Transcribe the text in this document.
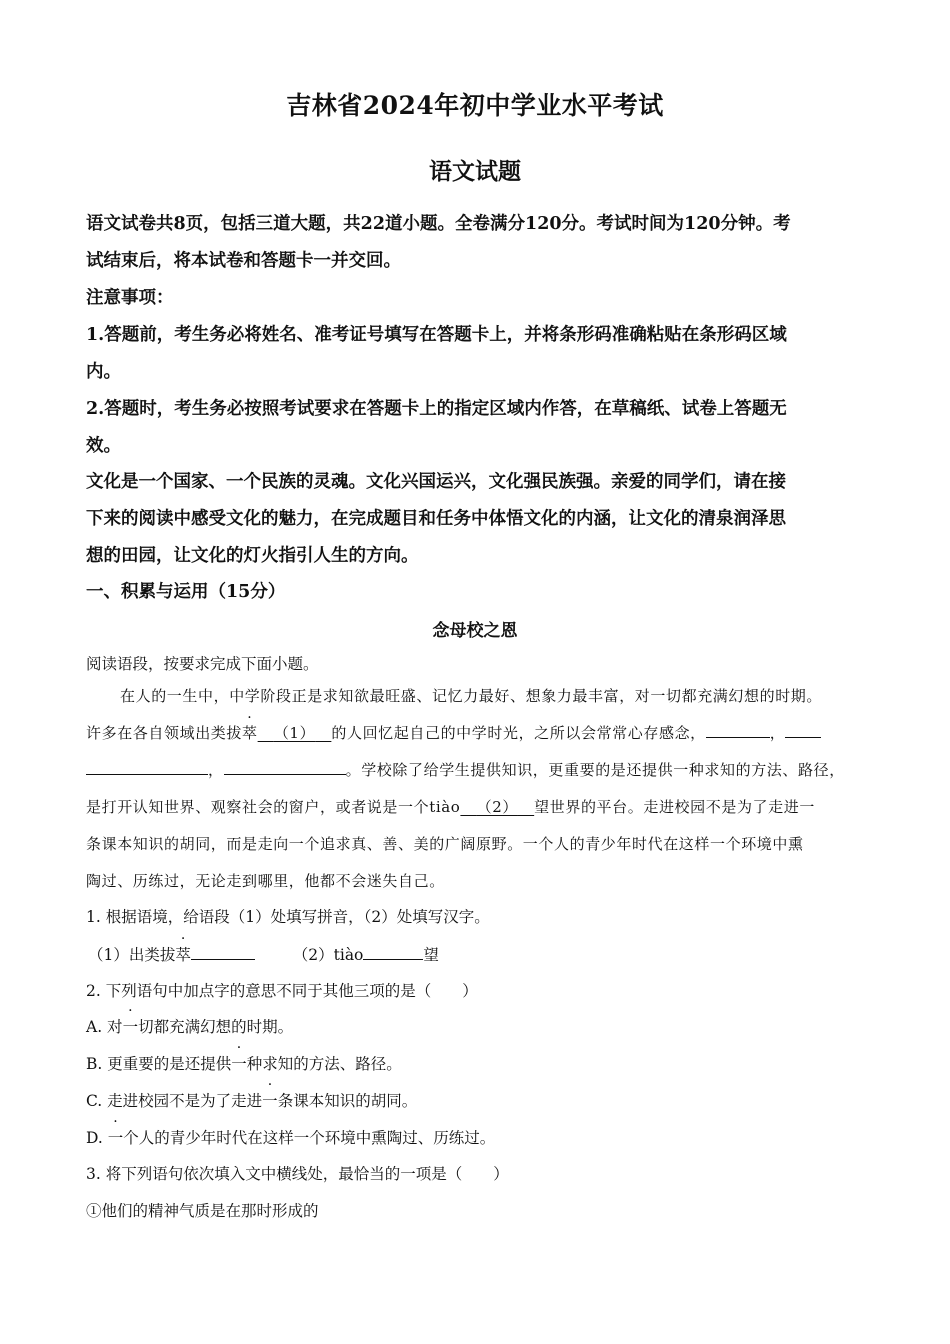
吉林省2024年初中学业水平考试
语文试题
语文试卷共8页，包括三道大题，共22道小题。全卷满分120分。考试时间为120分钟。考
试结束后，将本试卷和答题卡一并交回。
注意事项：
1.答题前，考生务必将姓名、准考证号填写在答题卡上，并将条形码准确粘贴在条形码区域
内。
2.答题时，考生务必按照考试要求在答题卡上的指定区域内作答，在草稿纸、试卷上答题无
效。
文化是一个国家、一个民族的灵魂。文化兴国运兴，文化强民族强。亲爱的同学们，请在接
下来的阅读中感受文化的魅力，在完成题目和任务中体悟文化的内涵，让文化的清泉润泽思
想的田园，让文化的灯火指引人生的方向。
一、积累与运用（15分）
念母校之恩
阅读语段，按要求完成下面小题。
在人的一生中，中学阶段正是求知欲最旺盛、记忆力最好、想象力最丰富，对一切都充满幻想的时期。
许多在各自领域出类拔萃   （1）   的人回忆起自己的中学时光，之所以会常常心存感念，	，
，	。学校除了给学生提供知识，更重要的是还提供一种求知的方法、路径，
是打开认知世界、观察社会的窗户，或者说是一个tiào   （2）   望世界的平台。走进校园不是为了走进一
条课本知识的胡同，而是走向一个追求真、善、美的广阔原野。一个人的青少年时代在这样一个环境中熏
陶过、历练过，无论走到哪里，他都不会迷失自己。
1. 根据语境，给语段（1）处填写拼音，（2）处填写汉字。
（1）出类拔萃	（2）tiào	望
2. 下列语句中加点字的意思不同于其他三项的是（　　）
A. 对一切都充满幻想的时期。
B. 更重要的是还提供一种求知的方法、路径。
C. 走进校园不是为了走进一条课本知识的胡同。
D. 一个人的青少年时代在这样一个环境中熏陶过、历练过。
3. 将下列语句依次填入文中横线处，最恰当的一项是（　　）
①他们的精神气质是在那时形成的
